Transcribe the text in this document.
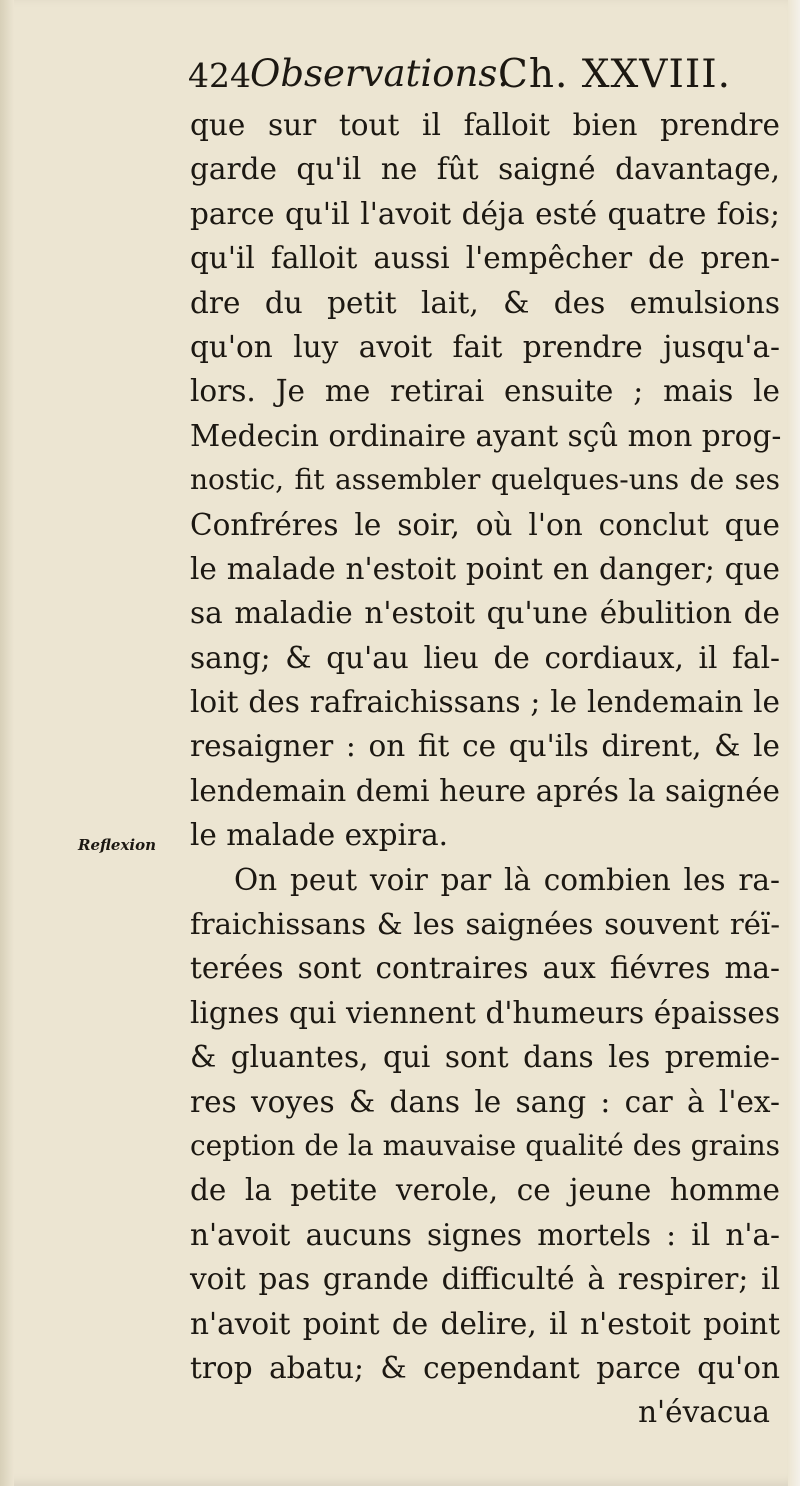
424 Observations.
Ch. XXVIII.
Reflexion
que sur tout il falloit bien prendre
garde qu'il ne fût saigné davantage,
parce qu'il l'avoit déja esté quatre fois;
qu'il falloit aussi l'empêcher de pren-
dre du petit lait, & des emulsions
qu'on luy avoit fait prendre jusqu'a-
lors. Je me retirai ensuite ; mais le
Medecin ordinaire ayant sçû mon prog-
nostic, fit assembler quelques-uns de ses
Confréres le soir, où l'on conclut que
le malade n'estoit point en danger; que
sa maladie n'estoit qu'une ébulition de
sang; & qu'au lieu de cordiaux, il fal-
loit des rafraichissans ; le lendemain le
resaigner : on fit ce qu'ils dirent, & le
lendemain demi heure aprés la saignée
le malade expira.
On peut voir par là combien les ra-
fraichissans & les saignées souvent réï-
terées sont contraires aux fiévres ma-
lignes qui viennent d'humeurs épaisses
& gluantes, qui sont dans les premie-
res voyes & dans le sang : car à l'ex-
ception de la mauvaise qualité des grains
de la petite verole, ce jeune homme
n'avoit aucuns signes mortels : il n'a-
voit pas grande difficulté à respirer; il
n'avoit point de delire, il n'estoit point
trop abatu; & cependant parce qu'on
n'évacua
